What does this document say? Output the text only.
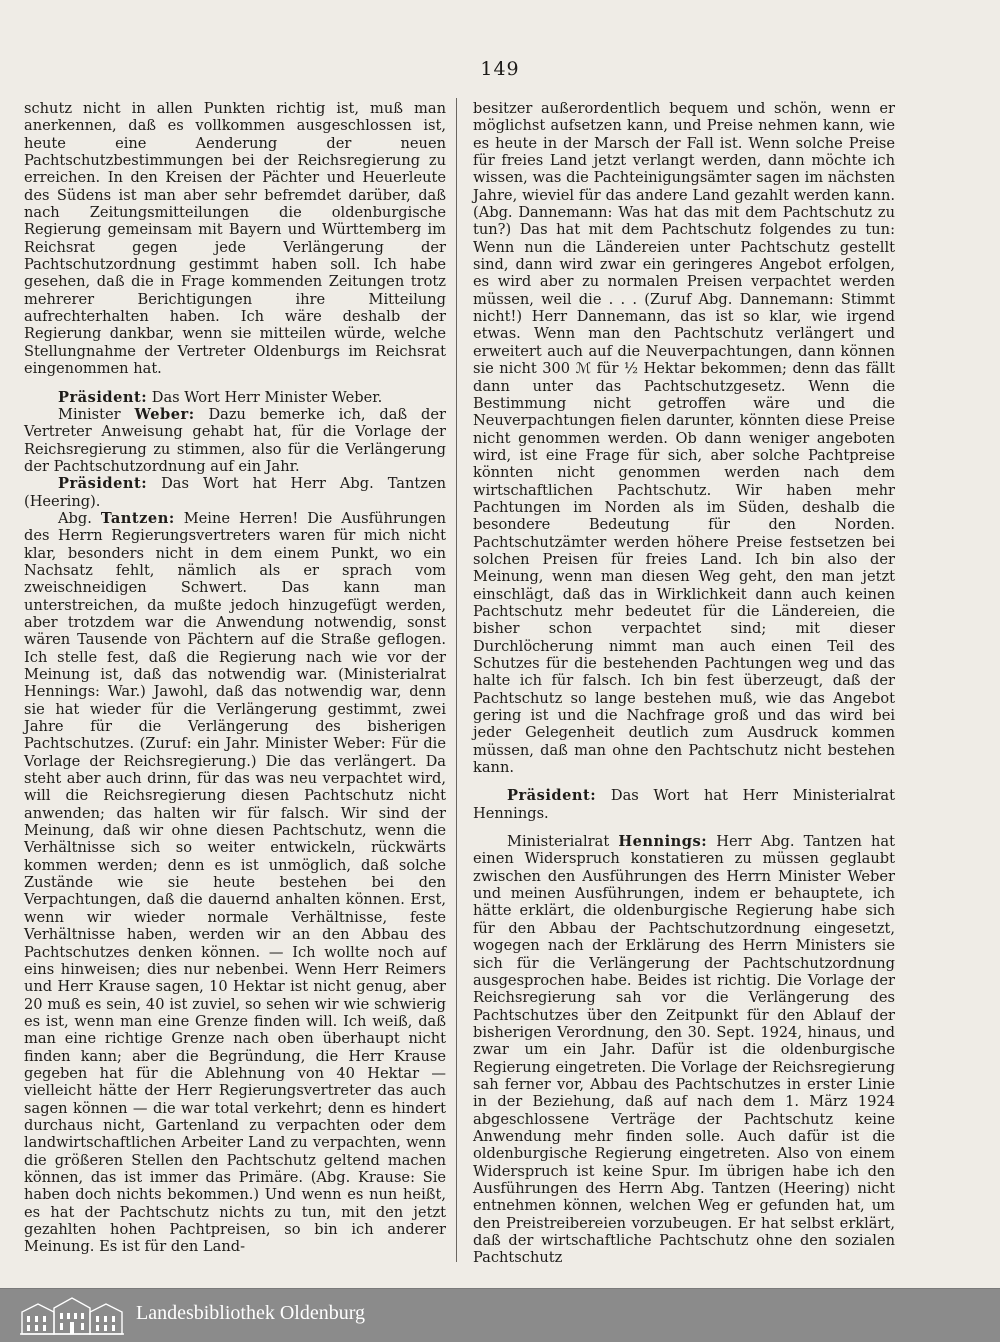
149

schutz nicht in allen Punkten richtig ist, muß man anerkennen, daß es vollkommen ausgeschlossen ist, heute eine Aenderung der neuen Pachtschutzbestimmungen bei der Reichsregierung zu erreichen. In den Kreisen der Pächter und Heuerleute des Südens ist man aber sehr befremdet darüber, daß nach Zeitungsmitteilungen die oldenburgische Regierung gemeinsam mit Bayern und Württemberg im Reichsrat gegen jede Verlängerung der Pachtschutzordnung gestimmt haben soll. Ich habe gesehen, daß die in Frage kommenden Zeitungen trotz mehrerer Berichtigungen ihre Mitteilung aufrechterhalten haben. Ich wäre deshalb der Regierung dankbar, wenn sie mitteilen würde, welche Stellungnahme der Vertreter Oldenburgs im Reichsrat eingenommen hat.

Präsident: Das Wort Herr Minister Weber.

Minister Weber: Dazu bemerke ich, daß der Vertreter Anweisung gehabt hat, für die Vorlage der Reichsregierung zu stimmen, also für die Verlängerung der Pachtschutzordnung auf ein Jahr.

Präsident: Das Wort hat Herr Abg. Tantzen (Heering).

Abg. Tantzen: Meine Herren! Die Ausführungen des Herrn Regierungsvertreters waren für mich nicht klar, besonders nicht in dem einem Punkt, wo ein Nachsatz fehlt, nämlich als er sprach vom zweischneidigen Schwert. Das kann man unterstreichen, da mußte jedoch hinzugefügt werden, aber trotzdem war die Anwendung notwendig, sonst wären Tausende von Pächtern auf die Straße geflogen. Ich stelle fest, daß die Regierung nach wie vor der Meinung ist, daß das notwendig war. (Ministerialrat Hennings: War.) Jawohl, daß das notwendig war, denn sie hat wieder für die Verlängerung gestimmt, zwei Jahre für die Verlängerung des bisherigen Pachtschutzes. (Zuruf: ein Jahr. Minister Weber: Für die Vorlage der Reichsregierung.) Die das verlängert. Da steht aber auch drinn, für das was neu verpachtet wird, will die Reichsregierung diesen Pachtschutz nicht anwenden; das halten wir für falsch. Wir sind der Meinung, daß wir ohne diesen Pachtschutz, wenn die Verhältnisse sich so weiter entwickeln, rückwärts kommen werden; denn es ist unmöglich, daß solche Zustände wie sie heute bestehen bei den Verpachtungen, daß die dauernd anhalten können. Erst, wenn wir wieder normale Verhältnisse, feste Verhältnisse haben, werden wir an den Abbau des Pachtschutzes denken können. — Ich wollte noch auf eins hinweisen; dies nur nebenbei. Wenn Herr Reimers und Herr Krause sagen, 10 Hektar ist nicht genug, aber 20 muß es sein, 40 ist zuviel, so sehen wir wie schwierig es ist, wenn man eine Grenze finden will. Ich weiß, daß man eine richtige Grenze nach oben überhaupt nicht finden kann; aber die Begründung, die Herr Krause gegeben hat für die Ablehnung von 40 Hektar — vielleicht hätte der Herr Regierungsvertreter das auch sagen können — die war total verkehrt; denn es hindert durchaus nicht, Gartenland zu verpachten oder dem landwirtschaftlichen Arbeiter Land zu verpachten, wenn die größeren Stellen den Pachtschutz geltend machen können, das ist immer das Primäre. (Abg. Krause: Sie haben doch nichts bekommen.) Und wenn es nun heißt, es hat der Pachtschutz nichts zu tun, mit den jetzt gezahlten hohen Pachtpreisen, so bin ich anderer Meinung. Es ist für den Land-

besitzer außerordentlich bequem und schön, wenn er möglichst aufsetzen kann, und Preise nehmen kann, wie es heute in der Marsch der Fall ist. Wenn solche Preise für freies Land jetzt verlangt werden, dann möchte ich wissen, was die Pachteinigungsämter sagen im nächsten Jahre, wieviel für das andere Land gezahlt werden kann. (Abg. Dannemann: Was hat das mit dem Pachtschutz zu tun?) Das hat mit dem Pachtschutz folgendes zu tun: Wenn nun die Ländereien unter Pachtschutz gestellt sind, dann wird zwar ein geringeres Angebot erfolgen, es wird aber zu normalen Preisen verpachtet werden müssen, weil die . . . (Zuruf Abg. Dannemann: Stimmt nicht!) Herr Dannemann, das ist so klar, wie irgend etwas. Wenn man den Pachtschutz verlängert und erweitert auch auf die Neuverpachtungen, dann können sie nicht 300 ℳ für ½ Hektar bekommen; denn das fällt dann unter das Pachtschutzgesetz. Wenn die Bestimmung nicht getroffen wäre und die Neuverpachtungen fielen darunter, könnten diese Preise nicht genommen werden. Ob dann weniger angeboten wird, ist eine Frage für sich, aber solche Pachtpreise könnten nicht genommen werden nach dem wirtschaftlichen Pachtschutz. Wir haben mehr Pachtungen im Norden als im Süden, deshalb die besondere Bedeutung für den Norden. Pachtschutzämter werden höhere Preise festsetzen bei solchen Preisen für freies Land. Ich bin also der Meinung, wenn man diesen Weg geht, den man jetzt einschlägt, daß das in Wirklichkeit dann auch keinen Pachtschutz mehr bedeutet für die Ländereien, die bisher schon verpachtet sind; mit dieser Durchlöcherung nimmt man auch einen Teil des Schutzes für die bestehenden Pachtungen weg und das halte ich für falsch. Ich bin fest überzeugt, daß der Pachtschutz so lange bestehen muß, wie das Angebot gering ist und die Nachfrage groß und das wird bei jeder Gelegenheit deutlich zum Ausdruck kommen müssen, daß man ohne den Pachtschutz nicht bestehen kann.

Präsident: Das Wort hat Herr Ministerialrat Hennings.

Ministerialrat Hennings: Herr Abg. Tantzen hat einen Widerspruch konstatieren zu müssen geglaubt zwischen den Ausführungen des Herrn Minister Weber und meinen Ausführungen, indem er behauptete, ich hätte erklärt, die oldenburgische Regierung habe sich für den Abbau der Pachtschutzordnung eingesetzt, wogegen nach der Erklärung des Herrn Ministers sie sich für die Verlängerung der Pachtschutzordnung ausgesprochen habe. Beides ist richtig. Die Vorlage der Reichsregierung sah vor die Verlängerung des Pachtschutzes über den Zeitpunkt für den Ablauf der bisherigen Verordnung, den 30. Sept. 1924, hinaus, und zwar um ein Jahr. Dafür ist die oldenburgische Regierung eingetreten. Die Vorlage der Reichsregierung sah ferner vor, Abbau des Pachtschutzes in erster Linie in der Beziehung, daß auf nach dem 1. März 1924 abgeschlossene Verträge der Pachtschutz keine Anwendung mehr finden solle. Auch dafür ist die oldenburgische Regierung eingetreten. Also von einem Widerspruch ist keine Spur. Im übrigen habe ich den Ausführungen des Herrn Abg. Tantzen (Heering) nicht entnehmen können, welchen Weg er gefunden hat, um den Preistreibereien vorzubeugen. Er hat selbst erklärt, daß der wirtschaftliche Pachtschutz ohne den sozialen Pachtschutz

Landesbibliothek Oldenburg
